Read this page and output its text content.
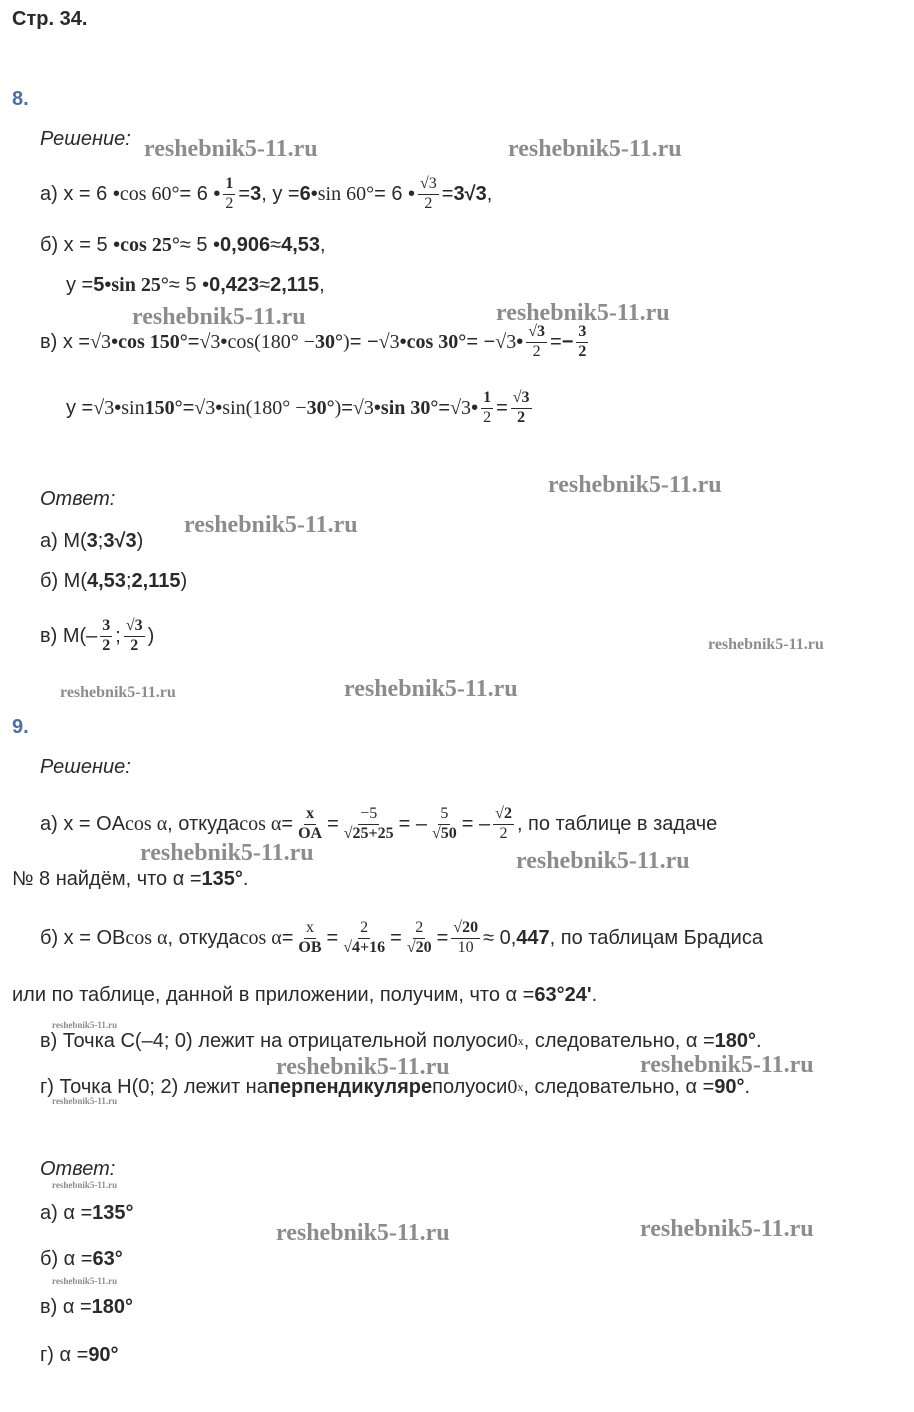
Стр. 34.
8.
Решение:
а) x = 6 • cos 60° = 6 • $\frac{1}{2} = 3$ , y = 6 • sin 60° = 6 • $\frac{√3}{2} = 3√3$ ,
б) x = 5 • cos 25° ≈ 5 • 0,906 ≈ 4,53 ,
y = 5 • sin 25° ≈ 5 • 0,423 ≈ 2,115 ,
в) x = √3 • cos 150° = √3 • cos(180° − 30° ) = − √3 • cos 30° = − √3 • $\frac{√3}{2}$ = − $\frac{3}{2}$
y = √3 • sin 150° = √3 • sin(180° − 30° ) = √3 • sin 30° = √3 • $\frac{1}{2} = \frac{√3}{2}$
Ответ:
а) М( 3 ; 3√3 )
б) М( 4,53 ; 2,115 )
в) $М(- \frac{3}{2}$ ; $\frac{√3}{2}$ )
9.
Решение:
а) x = OA cos α , откуда $\cos \alpha = \frac{x}{OA} = \frac{-5}{√25+25}$ = – $\frac{5}{√50}$ = – $\frac{√2}{2}$ , по таблице в задаче
№ 8 найдём, что α = 135° .
б) x = OB cos α , откуда $\cos \alpha = \frac{x}{OB} = \frac{2}{√4+16} = \frac{2}{√20} = \frac{√20}{10} \approx 0$, 447 , по таблицам Брадиса
или по таблице, данной в приложении, получим, что α = 63°24' .
в) Точка С(–4; 0) лежит на отрицательной полуоси 0 x , следовательно, α = 180° .
г) Точка Н(0; 2) лежит на перпендикуляре полуоси 0 x , следовательно, α = 90° .
Ответ:
а) α = 135°
б) α = 63°
в) α = 180°
г) α = 90°
reshebnik5-11.ru	reshebnik5-11.ru
reshebnik5-11.ru	reshebnik5-11.ru
reshebnik5-11.ru
reshebnik5-11.ru
reshebnik5-11.ru
reshebnik5-11.ru	reshebnik5-11.ru
reshebnik5-11.ru	reshebnik5-11.ru
reshebnik5-11.ru
reshebnik5-11.ru	reshebnik5-11.ru
reshebnik5-11.ru
reshebnik5-11.ru
reshebnik5-11.ru	reshebnik5-11.ru
reshebnik5-11.ru
